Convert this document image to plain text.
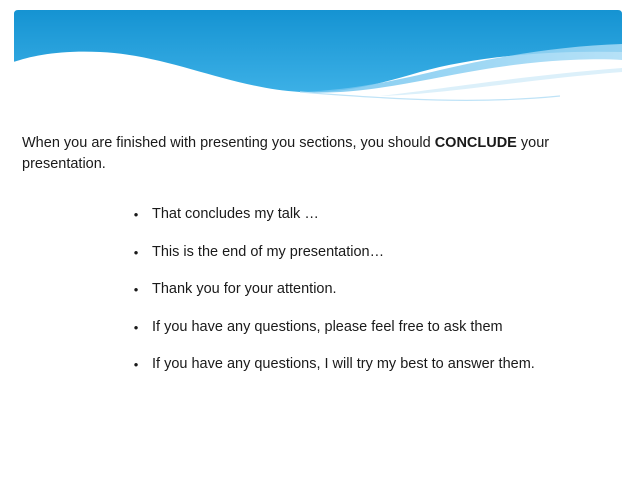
When you are finished with presenting you sections, you should CONCLUDE your presentation.

• That concludes my talk …
• This is the end of my presentation…
• Thank you for your attention.
• If you have any questions, please feel free to ask them
• If you have any questions, I will try my best to answer them.
